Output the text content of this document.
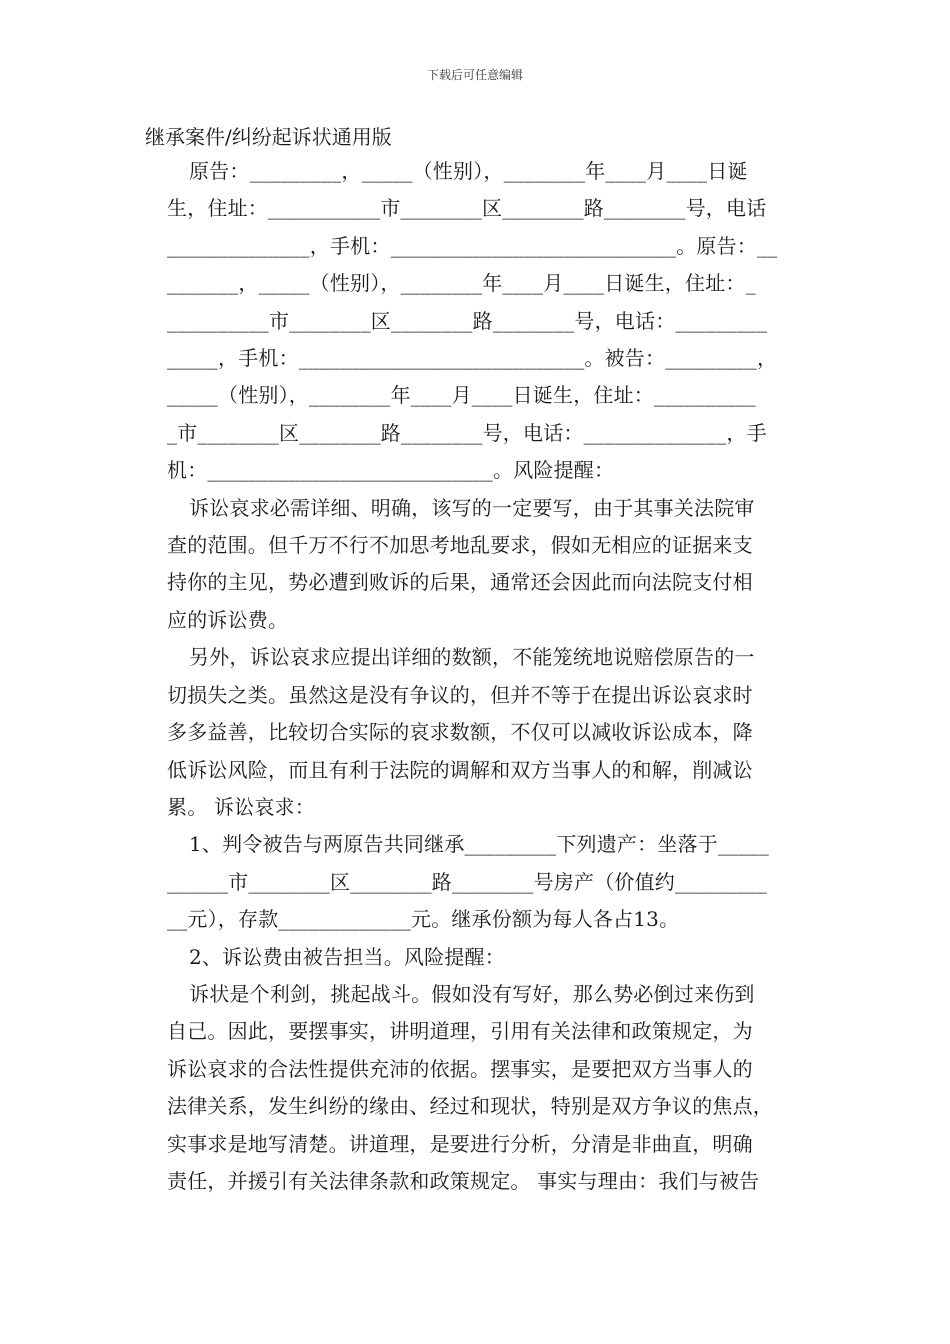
下载后可任意编辑
继承案件/纠纷起诉状通用版
原告：_________，_____（性别），________年____月____日诞
生，住址：___________市________区________路________号，电话
______________，手机：____________________________。原告：__
_______，_____（性别），________年____月____日诞生，住址：_
__________市________区________路________号，电话：_________
_____，手机：____________________________。被告：_________，
_____（性别），________年____月____日诞生，住址：__________
_市________区________路________号，电话：______________，手
机：____________________________。风险提醒：
诉讼哀求必需详细、明确，该写的一定要写，由于其事关法院审
查的范围。但千万不行不加思考地乱要求，假如无相应的证据来支
持你的主见，势必遭到败诉的后果，通常还会因此而向法院支付相
应的诉讼费。
另外，诉讼哀求应提出详细的数额，不能笼统地说赔偿原告的一
切损失之类。虽然这是没有争议的，但并不等于在提出诉讼哀求时
多多益善，比较切合实际的哀求数额，不仅可以减收诉讼成本，降
低诉讼风险，而且有利于法院的调解和双方当事人的和解，削减讼
累。 诉讼哀求：
1、判令被告与两原告共同继承_________下列遗产：坐落于_____
______市________区________路________号房产（价值约_________
__元），存款_____________元。继承份额为每人各占13。
2、诉讼费由被告担当。风险提醒：
诉状是个利剑，挑起战斗。假如没有写好，那么势必倒过来伤到
自己。因此，要摆事实，讲明道理，引用有关法律和政策规定，为
诉讼哀求的合法性提供充沛的依据。摆事实，是要把双方当事人的
法律关系，发生纠纷的缘由、经过和现状，特别是双方争议的焦点，
实事求是地写清楚。讲道理，是要进行分析，分清是非曲直，明确
责任，并援引有关法律条款和政策规定。 事实与理由：我们与被告
